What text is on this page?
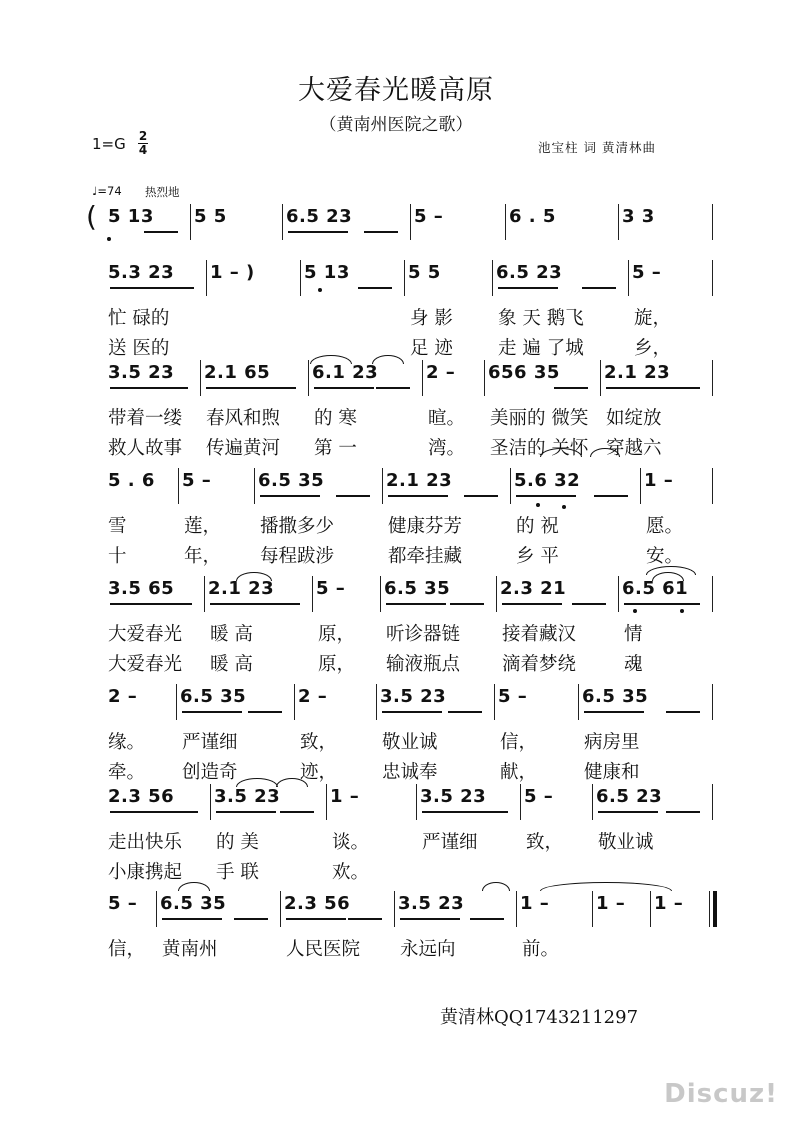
大爱春光暖高原
（黄南州医院之歌）
1=G 2
4	池宝柱 词 黄清林曲
♩=74 热烈地
( 5 13	5 5	6.5 23	5 –	6 . 5	3 3
5.3 23	1 – )	5 13	5 5	6.5 23	5 –
忙 碌的	身 影 象 天 鹅飞	旋，
送 医的	足 迹 走 遍 了城	乡，
3.5 23	2.1 65	6.1 23	2 –	656 35	2.1 23
带着一缕 春风和煦 的 寒	暄。 美丽的 微笑 如绽放
救人故事 传遍黄河 第 一	湾。 圣洁的 关怀 穿越六
5 . 6	5 –	6.5 35	2.1 23	5.6 32	1 –
雪	莲， 播撒多少	健康芬芳	的 祝	愿。
十	年， 每程跋涉	都牵挂藏	乡 平	安。
3.5 65	2.1 23	5 –	6.5 35	2.3 21	6.5 61
大爱春光 暖 高	原， 听诊器链 接着藏汉	情
大爱春光 暖 高	原， 输液瓶点 滴着梦绕	魂
2 –	6.5 35	2 –	3.5 23	5 –	6.5 35
缘。 严谨细	致， 敬业诚	信，	病房里
牵。 创造奇	迹， 忠诚奉	献，	健康和
2.3 56	3.5 23	1 –	3.5 23	5 –	6.5 23
走出快乐 的 美	谈。	严谨细	致， 敬业诚
小康携起 手 联	欢。
5 –	6.5 35	2.3 56	3.5 23	1 –	1 –	1 –
信， 黄南州	人民医院 永远向	前。
黄清林QQ1743211297
Discuz!
